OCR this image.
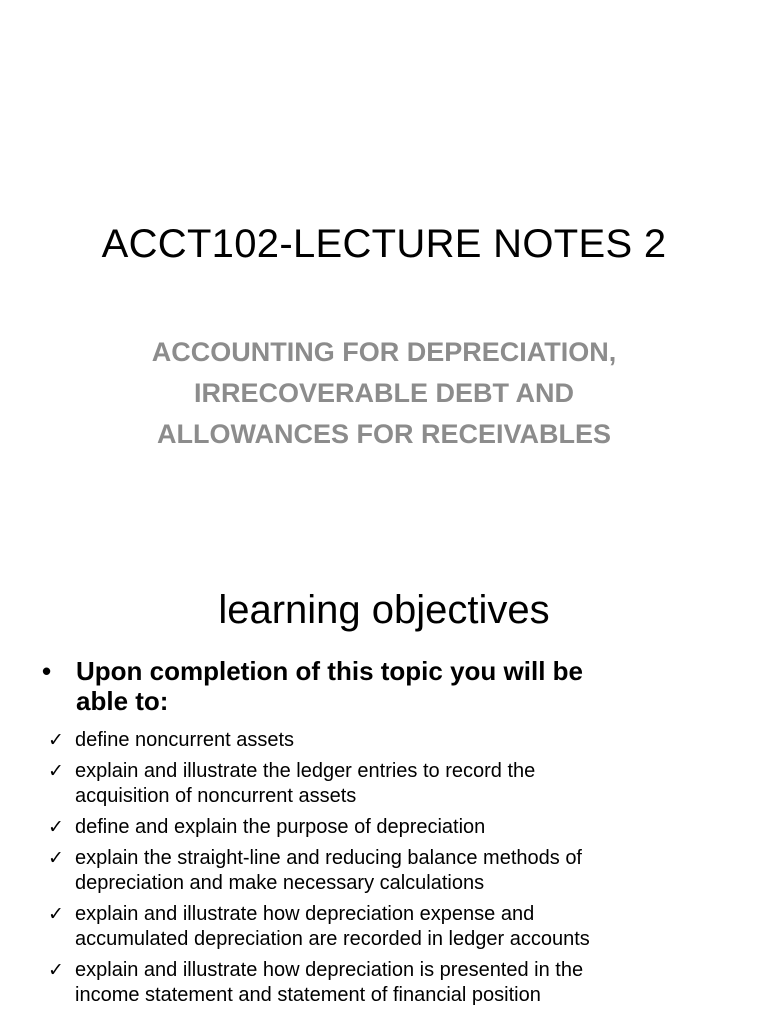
ACCT102-LECTURE NOTES 2
ACCOUNTING FOR DEPRECIATION,
IRRECOVERABLE DEBT AND
ALLOWANCES FOR RECEIVABLES
learning objectives
• Upon completion of this topic you will be
able to:
✓ define noncurrent assets
✓ explain and illustrate the ledger entries to record the
acquisition of noncurrent assets
✓ define and explain the purpose of depreciation
✓ explain the straight-line and reducing balance methods of
depreciation and make necessary calculations
✓ explain and illustrate how depreciation expense and
accumulated depreciation are recorded in ledger accounts
✓ explain and illustrate how depreciation is presented in the
income statement and statement of financial position
